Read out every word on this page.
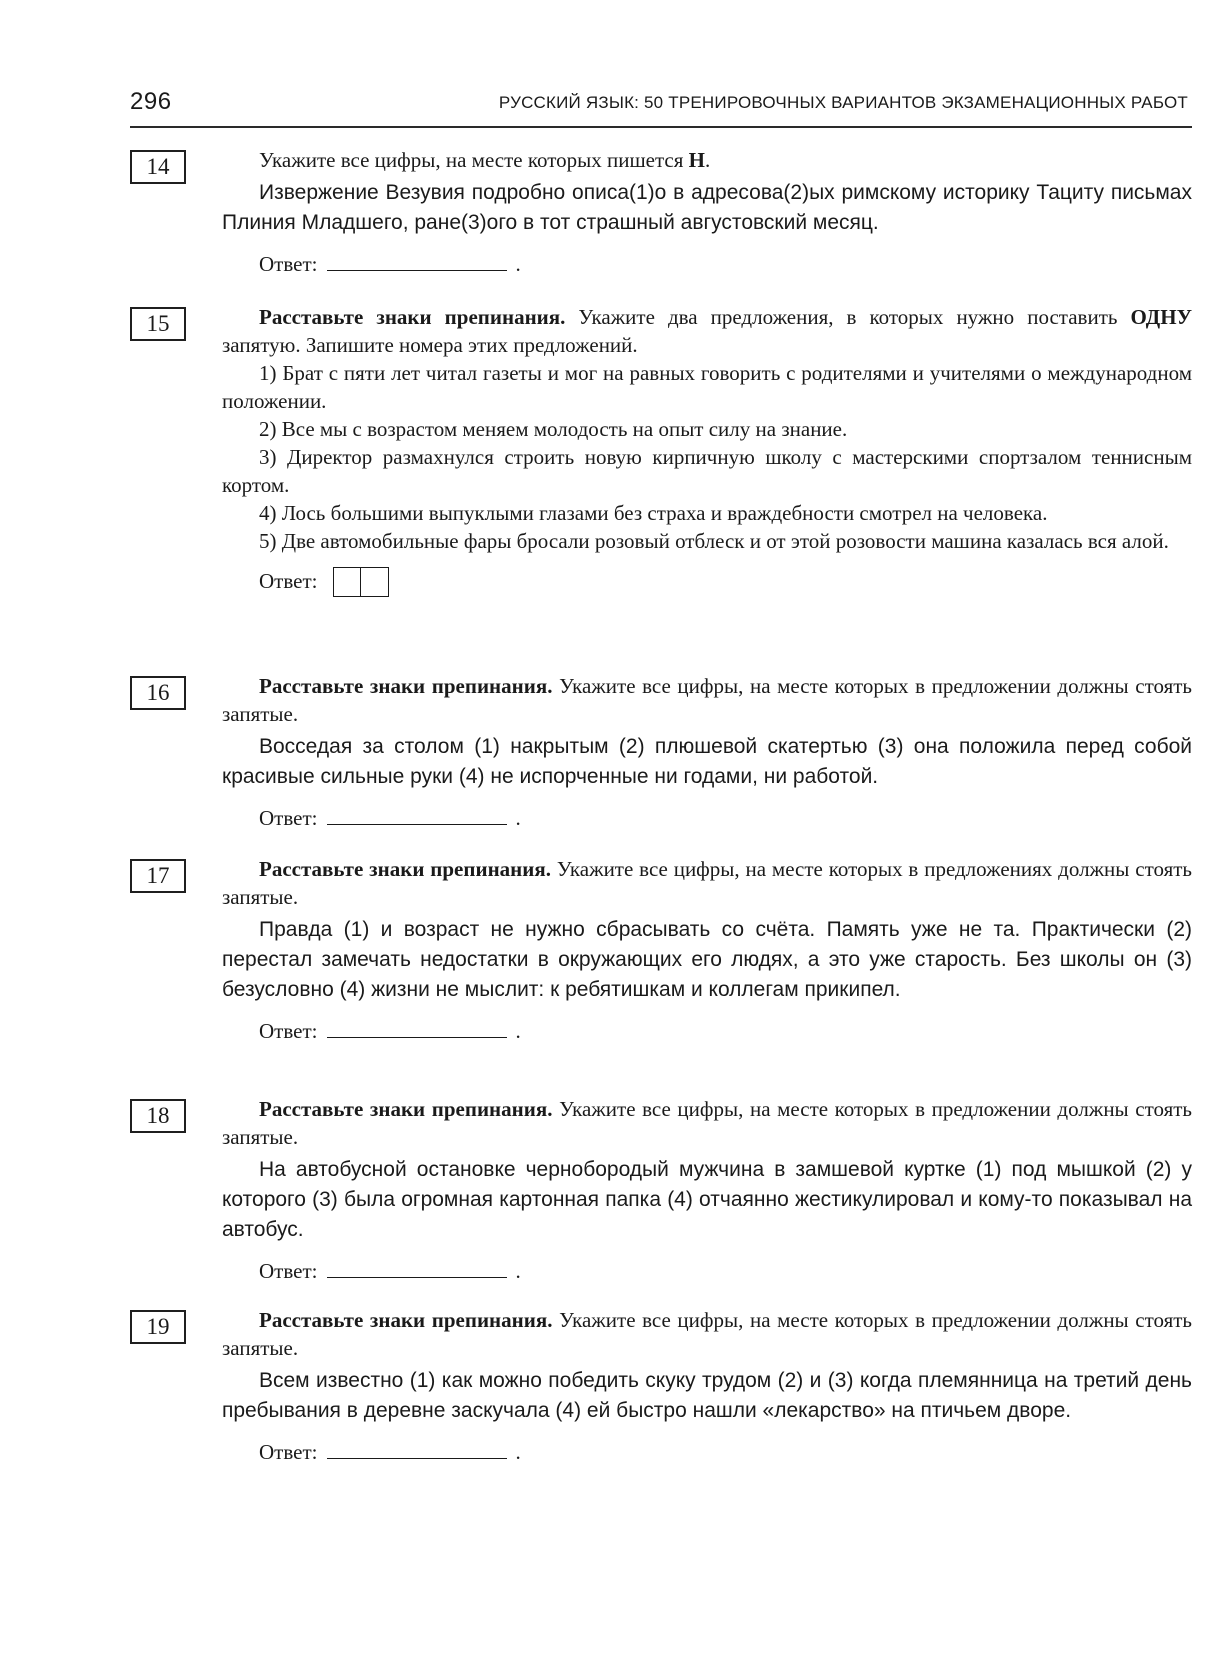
296	РУССКИЙ ЯЗЫК: 50 ТРЕНИРОВОЧНЫХ ВАРИАНТОВ ЭКЗАМЕНАЦИОННЫХ РАБОТ
14	Укажите все цифры, на месте которых пишется Н.

Извержение Везувия подробно описа(1)о в адресова(2)ых римскому историку Тациту письмах Плиния Младшего, ране(3)ого в тот страшный августовский месяц.

Ответ:	.
15	Расставьте знаки препинания. Укажите два предложения, в которых нужно поставить ОДНУ запятую. Запишите номера этих предложений.

1) Брат с пяти лет читал газеты и мог на равных говорить с родителями и учителями о международном положении.

2) Все мы с возрастом меняем молодость на опыт силу на знание.

3) Директор размахнулся строить новую кирпичную школу с мастерскими спортзалом теннисным кортом.

4) Лось большими выпуклыми глазами без страха и враждебности смотрел на человека.

5) Две автомобильные фары бросали розовый отблеск и от этой розовости машина казалась вся алой.

Ответ:
16	Расставьте знаки препинания. Укажите все цифры, на месте которых в предложении должны стоять запятые.

Восседая за столом (1) накрытым (2) плюшевой скатертью (3) она положила перед собой красивые сильные руки (4) не испорченные ни годами, ни работой.

Ответ:	.
17	Расставьте знаки препинания. Укажите все цифры, на месте которых в предложениях должны стоять запятые.

Правда (1) и возраст не нужно сбрасывать со счёта. Память уже не та. Практически (2) перестал замечать недостатки в окружающих его людях, а это уже старость. Без школы он (3) безусловно (4) жизни не мыслит: к ребятишкам и коллегам прикипел.

Ответ:	.
18	Расставьте знаки препинания. Укажите все цифры, на месте которых в предложении должны стоять запятые.

На автобусной остановке чернобородый мужчина в замшевой куртке (1) под мышкой (2) у которого (3) была огромная картонная папка (4) отчаянно жестикулировал и кому-то показывал на автобус.

Ответ:	.
19	Расставьте знаки препинания. Укажите все цифры, на месте которых в предложении должны стоять запятые.

Всем известно (1) как можно победить скуку трудом (2) и (3) когда племянница на третий день пребывания в деревне заскучала (4) ей быстро нашли «лекарство» на птичьем дворе.

Ответ:	.
